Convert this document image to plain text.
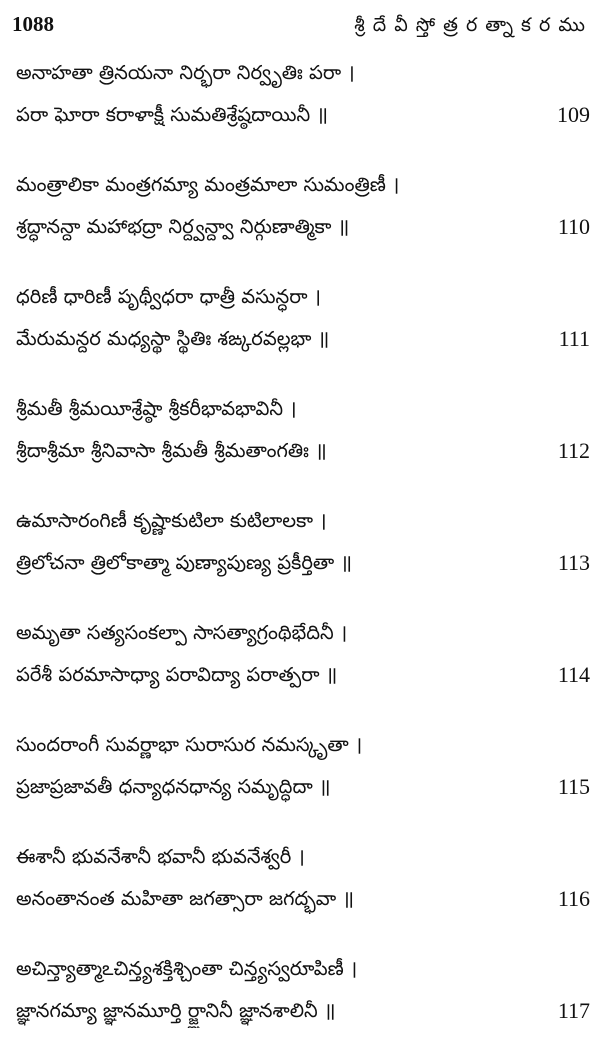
1088	శ్రీ దే వీ స్తో త్ర ర త్నా క ర ము
అనాహతా త్రినయనా నిర్భరా నిర్వృతిః పరా ।
పరా ఘోరా కరాళాక్షీ సుమతిశ్రేష్ఠదాయినీ ॥	109
మంత్రాలికా మంత్రగమ్యా మంత్రమాలా సుమంత్రిణీ ।
శ్రద్ధానన్దా మహాభద్రా నిర్ద్వన్ద్వా నిర్గుణాత్మికా ॥	110
ధరిణీ ధారిణీ పృథ్వీధరా ధాత్రీ వసున్ధరా ।
మేరుమన్దర మధ్యస్థా స్థితిః శఙ్కరవల్లభా ॥	111
శ్రీమతీ శ్రీమయీశ్రేష్ఠా శ్రీకరీభావభావినీ ।
శ్రీదాశ్రీమా శ్రీనివాసా శ్రీమతీ శ్రీమతాంగతిః ॥	112
ఉమాసారంగిణీ కృష్ణాకుటిలా కుటిలాలకా ।
త్రిలోచనా త్రిలోకాత్మా పుణ్యాపుణ్య ప్రకీర్తితా ॥	113
అమృతా సత్యసంకల్పా సాసత్యాగ్రంథిభేదినీ ।
పరేశీ పరమాసాధ్యా పరావిద్యా పరాత్పరా ॥	114
సుందరాంగీ సువర్ణాభా సురాసుర నమస్కృతా ।
ప్రజాప్రజావతీ ధన్యాధనధాన్య సమృద్ధిదా ॥	115
ఈశానీ భువనేశానీ భవానీ భువనేశ్వరీ ।
అనంతానంత మహితా జగత్సారా జగద్భవా ॥	116
అచిన్త్యాత్మాఽచిన్త్యశక్తిశ్చింతా చిన్త్యస్వరూపిణీ ।
జ్ఞానగమ్యా జ్ఞానమూర్తి ర్జ్ఞానినీ జ్ఞానశాలినీ ॥	117
